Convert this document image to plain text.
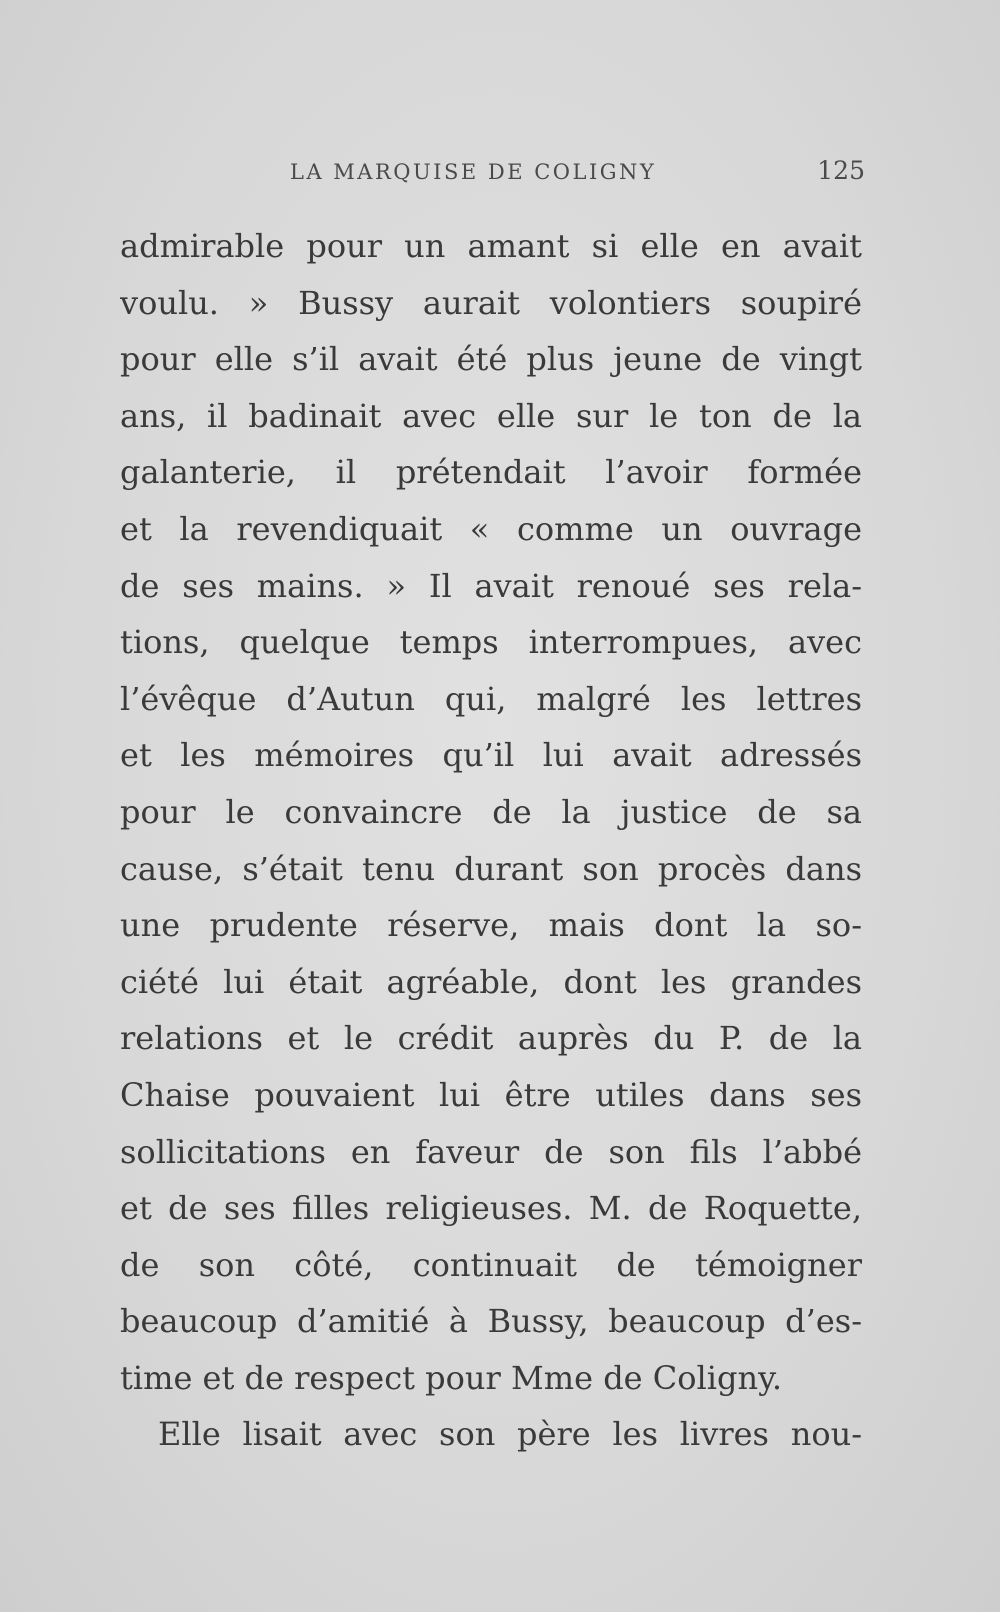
LA MARQUISE DE COLIGNY	125
admirable pour un amant si elle en avait
voulu. » Bussy aurait volontiers soupiré
pour elle s’il avait été plus jeune de vingt
ans, il badinait avec elle sur le ton de la
galanterie, il prétendait l’avoir formée
et la revendiquait « comme un ouvrage
de ses mains. » Il avait renoué ses rela-
tions, quelque temps interrompues, avec
l’évêque d’Autun qui, malgré les lettres
et les mémoires qu’il lui avait adressés
pour le convaincre de la justice de sa
cause, s’était tenu durant son procès dans
une prudente réserve, mais dont la so-
ciété lui était agréable, dont les grandes
relations et le crédit auprès du P. de la
Chaise pouvaient lui être utiles dans ses
sollicitations en faveur de son fils l’abbé
et de ses filles religieuses. M. de Roquette,
de son côté, continuait de témoigner
beaucoup d’amitié à Bussy, beaucoup d’es-
time et de respect pour Mme de Coligny.
Elle lisait avec son père les livres nou-
